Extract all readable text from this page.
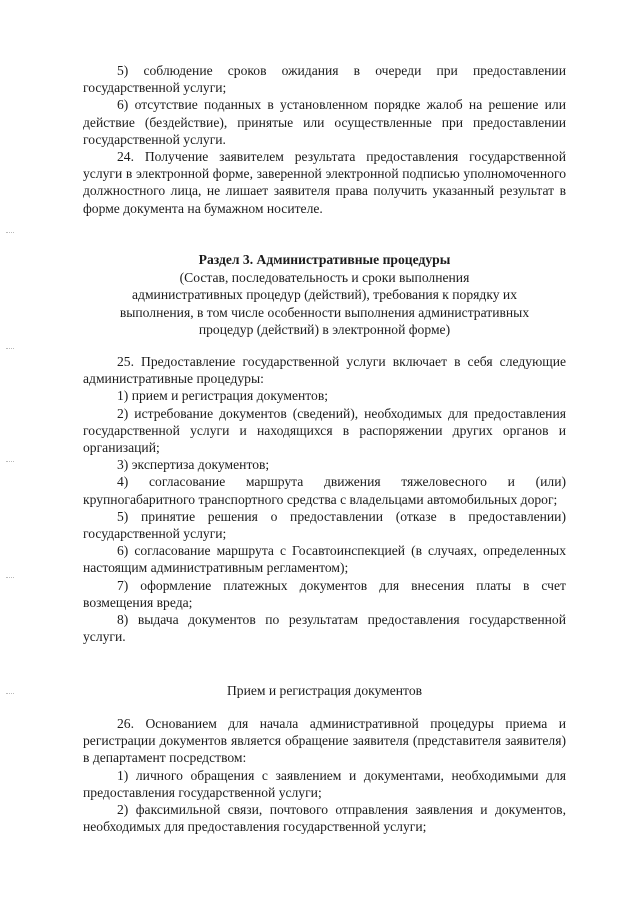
5) соблюдение сроков ожидания в очереди при предоставлении государственной услуги;

6) отсутствие поданных в установленном порядке жалоб на решение или действие (бездействие), принятые или осуществленные при предоставлении государственной услуги.

24. Получение заявителем результата предоставления государственной услуги в электронной форме, заверенной электронной подписью уполномоченного должностного лица, не лишает заявителя права получить указанный результат в форме документа на бумажном носителе.

Раздел 3. Административные процедуры

(Состав, последовательность и сроки выполнения

административных процедур (действий), требования к порядку их

выполнения, в том числе особенности выполнения административных

процедур (действий) в электронной форме)

25. Предоставление государственной услуги включает в себя следующие административные процедуры:

1) прием и регистрация документов;

2) истребование документов (сведений), необходимых для предоставления государственной услуги и находящихся в распоряжении других органов и организаций;

3) экспертиза документов;

4) согласование маршрута движения тяжеловесного и (или) крупногабаритного транспортного средства с владельцами автомобильных дорог;

5) принятие решения о предоставлении (отказе в предоставлении) государственной услуги;

6) согласование маршрута с Госавтоинспекцией (в случаях, определенных настоящим административным регламентом);

7) оформление платежных документов для внесения платы в счет возмещения вреда;

8) выдача документов по результатам предоставления государственной услуги.

Прием и регистрация документов

26. Основанием для начала административной процедуры приема и регистрации документов является обращение заявителя (представителя заявителя) в департамент посредством:

1) личного обращения с заявлением и документами, необходимыми для предоставления государственной услуги;

2) факсимильной связи, почтового отправления заявления и документов, необходимых для предоставления государственной услуги;
